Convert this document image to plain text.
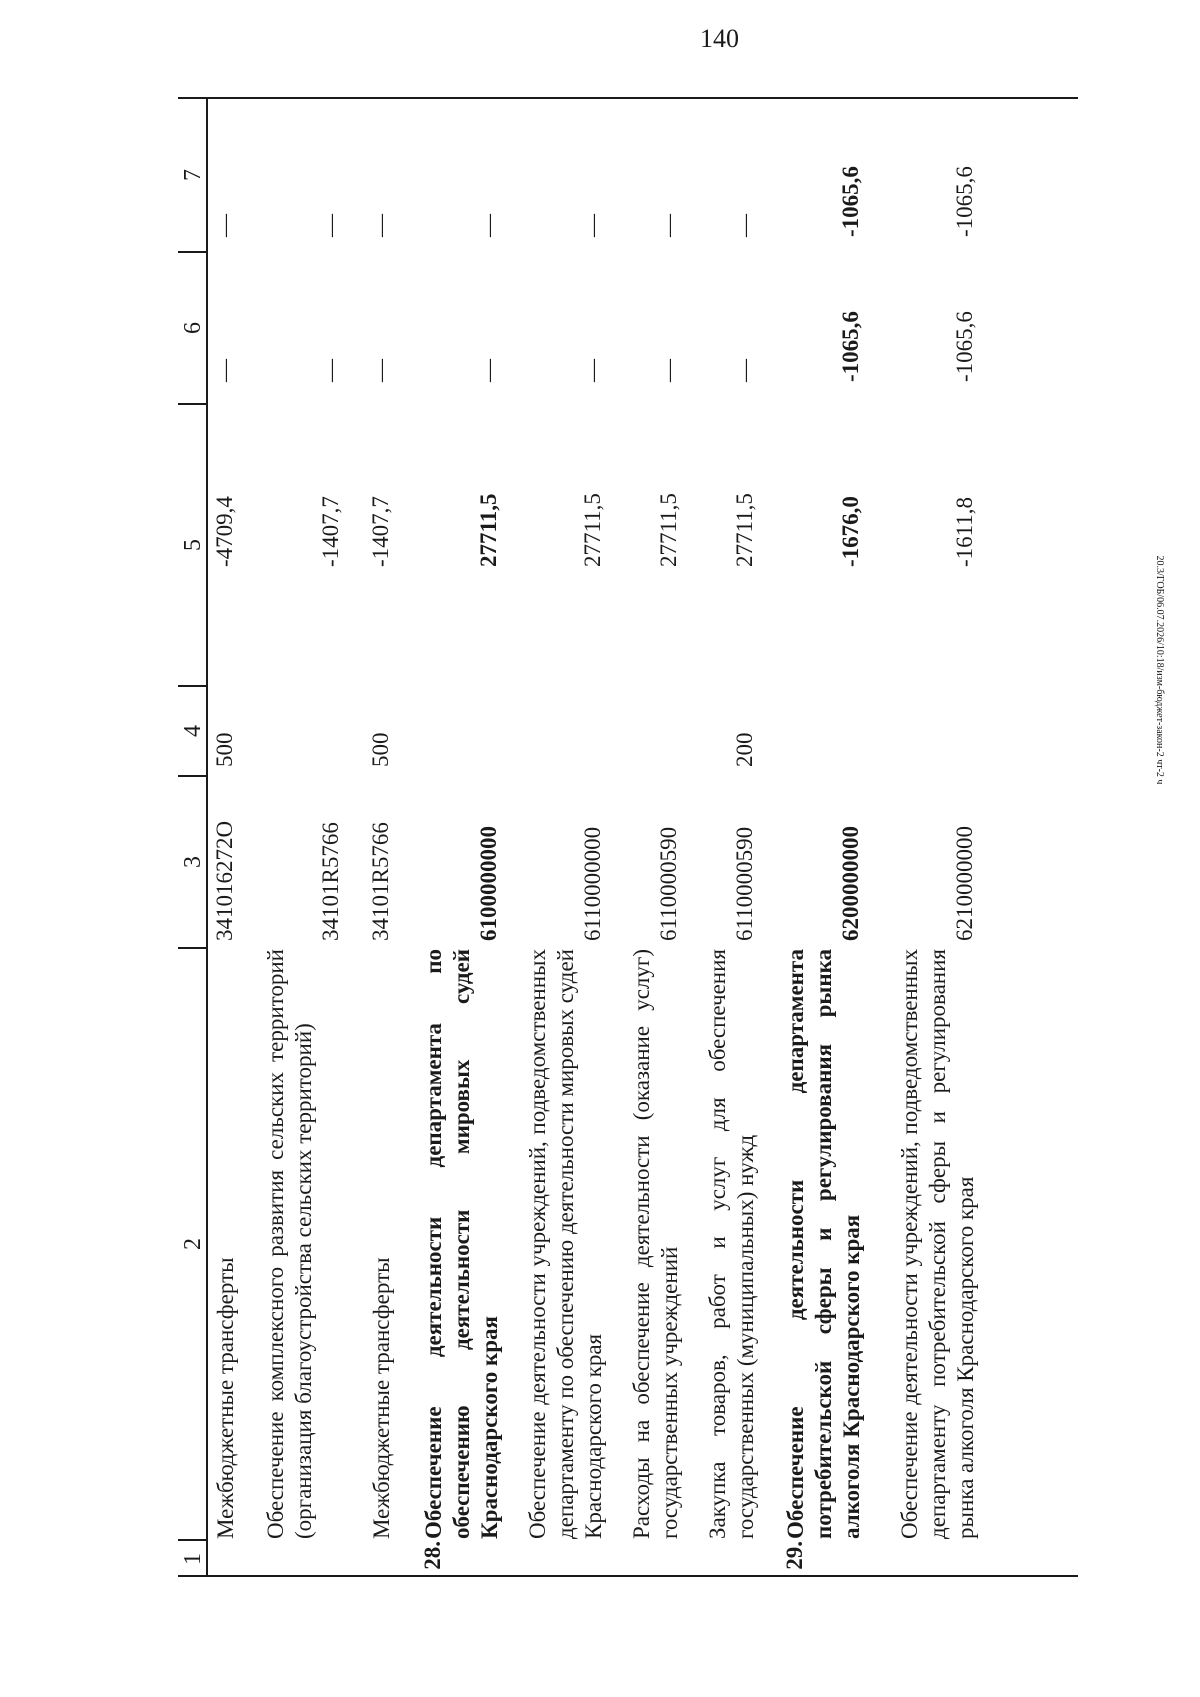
140
20.3/ГОБ/06.07.2026/10:18/изм-бюджет-закон-2 чт-2 ч
1
2
3
4
5
6
7
Межбюджетные трансферты
341016272О
500
-4709,4
—
—
Обеспечение комплексного развития сельских территорий (организация благоустройства сельских территорий)
34101R5766
-1407,7
—
—
Межбюджетные трансферты
34101R5766
500
-1407,7
—
—
28.
Обеспечение деятельности департамента по обеспечению деятельности мировых судей Краснодарского края
6100000000
27711,5
—
—
Обеспечение деятельности учреждений, подведомственных департаменту по обеспечению деятельности мировых судей Краснодарского края
6110000000
27711,5
—
—
Расходы на обеспечение деятельности (оказание услуг) государственных учреждений
6110000590
27711,5
—
—
Закупка товаров, работ и услуг для обеспечения государственных (муниципальных) нужд
6110000590
200
27711,5
—
—
29.
Обеспечение деятельности департамента потребительской сферы и регулирования рынка алкоголя Краснодарского края
6200000000
-1676,0
-1065,6
-1065,6
Обеспечение деятельности учреждений, подведомственных департаменту потребительской сферы и регулирования рынка алкоголя Краснодарского края
6210000000
-1611,8
-1065,6
-1065,6
